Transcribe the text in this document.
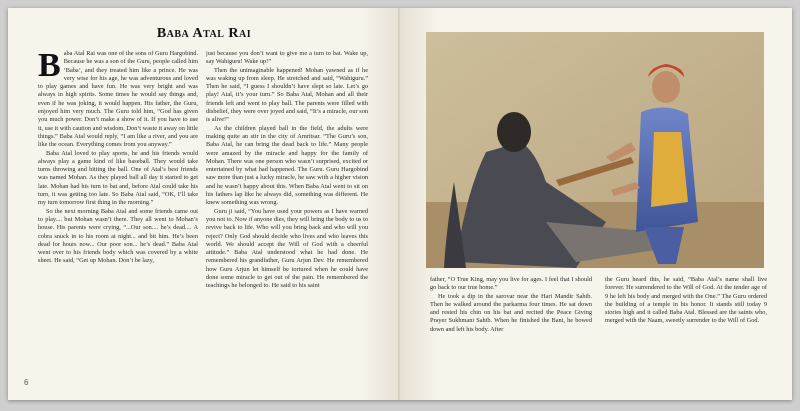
Baba Atal Rai

Baba Atal Rai was one of the sons of Guru Hargobind. Because he was a son of the Guru, people called him ‘Baba’, and they treated him like a prince. He was very wise for his age, he was adventurous and loved to play games and have fun. He was very bright and was always in high spirits. Some times he would say things and, even if he was joking, it would happen. His father, the Guru, enjoyed him very much. The Guru told him, “God has given you much power. Don’t make a show of it. If you have to use it, use it with caution and wisdom. Don’t waste it away on little things.” Baba Atal would reply, “I am like a river, and you are like the ocean. Everything comes from you anyway.”

Baba Atal loved to play sports, he and his friends would always play a game kind of like baseball. They would take turns throwing and hitting the ball. One of Atal’s best friends was named Mohan. As they played ball all day it started to get late. Mohan had his turn to bat and, before Atal could take his turn, it was getting too late. So Baba Atal said, “OK, I’ll take my turn tomorrow first thing in the morning.”

So the next morning Baba Atal and some friends came out to play.... but Mohan wasn’t there. They all went to Mohan’s house. His parents were crying, “...Our son.... he’s dead.... A cobra snuck in to his room at night... and bit him. He’s been dead for hours now... Our poor son... he’s dead.” Baba Atal went over to his friends body which was covered by a white sheet. He said, “Get up Mohan. Don’t be lazy,

just because you don’t want to give me a turn to bat. Wake up, say Wahiguru! Wake up!”

Then the unimaginable happened! Mohan yawned as if he was waking up from sleep. He stretched and said, “Wahiguru.” Then he said, “I guess I shouldn’t have slept so late. Let’s go play! Atal, it’s your turn.” So Baba Atal, Mohan and all their friends left and went to play ball. The parents were filled with disbelief, they were over joyed and said, “It’s a miracle, our son is alive!”

As the children played ball in the field, the adults were making quite an stir in the city of Amritsar. “The Guru’s son, Baba Atal, he can bring the dead back to life.” Many people were amazed by the miracle and happy for the family of Mohan. There was one person who wasn’t surprised, excited or entertained by what had happened. The Guru. Guru Hargobind saw more than just a lucky miracle, he saw with a higher vision and he wasn’t happy about this. When Baba Atal went to sit on his fathers lap like he always did, something was different. He knew something was wrong.

Guru ji said, “You have used your powers as I have warned you not to. Now if anyone dies, they will bring the body to us to revive back to life. Who will you bring back and who will you reject? Only God should decide who lives and who leaves this world. We should accept the Will of God with a cheerful attitude.” Baba Atal understood what he had done. He remembered his grandfather, Guru Arjun Dev. He remembered how Guru Arjun let himself be tortured when he could have done some miracle to get out of the pain. He remembered the teachings he belonged to. He said to his saint

6

father, “O True King, may you live for ages. I feel that I should go back to our true home.”

He took a dip in the sarovar near the Hari Mandir Sahib. Then he walked around the parkarma four times. He sat down and rested his chin on his bat and recited the Peace Giving Prayer Sukhmani Sahib. When he finished the Bani, he bowed down and left his body. After

the Guru heard this, he said, “Baba Atal’s name shall live forever. He surrendered to the Will of God. At the tender age of 9 he left his body and merged with the One.” The Guru ordered the building of a temple in his honor. It stands still today 9 stories high and it called Baba Atal. Blessed are the saints who, merged with the Naam, sweetly surrender to the Will of God.
